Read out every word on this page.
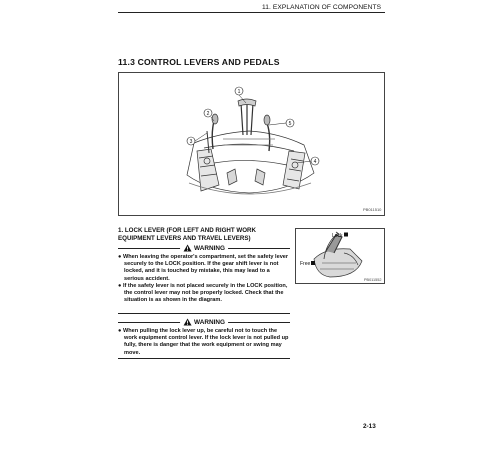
11. EXPLANATION OF COMPONENTS
11.3 CONTROL LEVERS AND PEDALS
1
2
3
5
4
PB011510
1. LOCK LEVER (FOR LEFT AND RIGHT WORK EQUIPMENT LEVERS AND TRAVEL LEVERS)
WARNING
● When leaving the operator's compartment, set the safety lever securely to the LOCK position. If the gear shift lever is not locked, and it is touched by mistake, this may lead to a serious accident.
● If the safety lever is not placed securely in the LOCK position, the control lever may not be properly locked. Check that the situation is as shown in the diagram.
Lock
Free
PB011552
WARNING
● When pulling the lock lever up, be careful not to touch the work equipment control lever. If the lock lever is not pulled up fully, there is danger that the work equipment or swing may move.
2-13
